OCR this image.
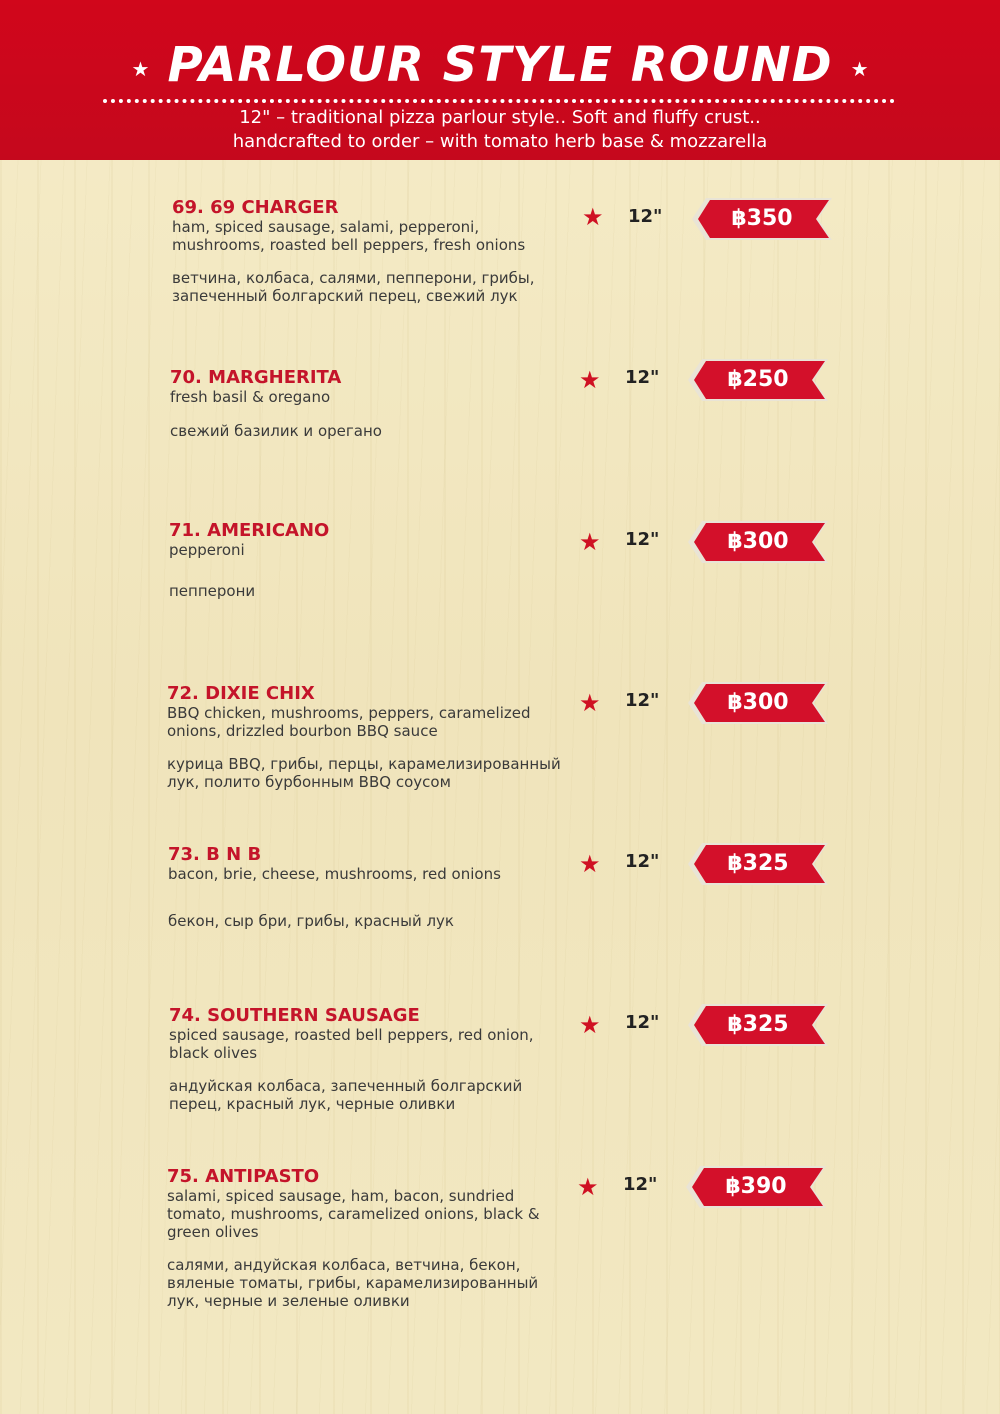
★ PARLOUR STYLE ROUND ★
12" – traditional pizza parlour style.. Soft and fluffy crust..
handcrafted to order – with tomato herb base & mozzarella

69. 69 CHARGER

ham, spiced sausage, salami, pepperoni, mushrooms, roasted bell peppers, fresh onions

ветчина, колбаса, салями, пепперони, грибы, запеченный болгарский перец, свежий лук

★ 12"	฿350

70. MARGHERITA

fresh basil & oregano

свежий базилик и орегано

★ 12"	฿250

71. AMERICANO

pepperoni

пепперони

★ 12"	฿300

72. DIXIE CHIX

BBQ chicken, mushrooms, peppers, caramelized onions, drizzled bourbon BBQ sauce

курица BBQ, грибы, перцы, карамелизированный лук, полито бурбонным BBQ соусом

★ 12"	฿300

73. B N B

bacon, brie, cheese, mushrooms, red onions

бекон, сыр бри, грибы, красный лук

★ 12"	฿325

74. SOUTHERN SAUSAGE

spiced sausage, roasted bell peppers, red onion, black olives

андуйская колбаса, запеченный болгарский перец, красный лук, черные оливки

★ 12"	฿325

75. ANTIPASTO

salami, spiced sausage, ham, bacon, sundried tomato, mushrooms, caramelized onions, black & green olives

салями, андуйская колбаса, ветчина, бекон, вяленые томаты, грибы, карамелизированный лук, черные и зеленые оливки

★ 12"	฿390
